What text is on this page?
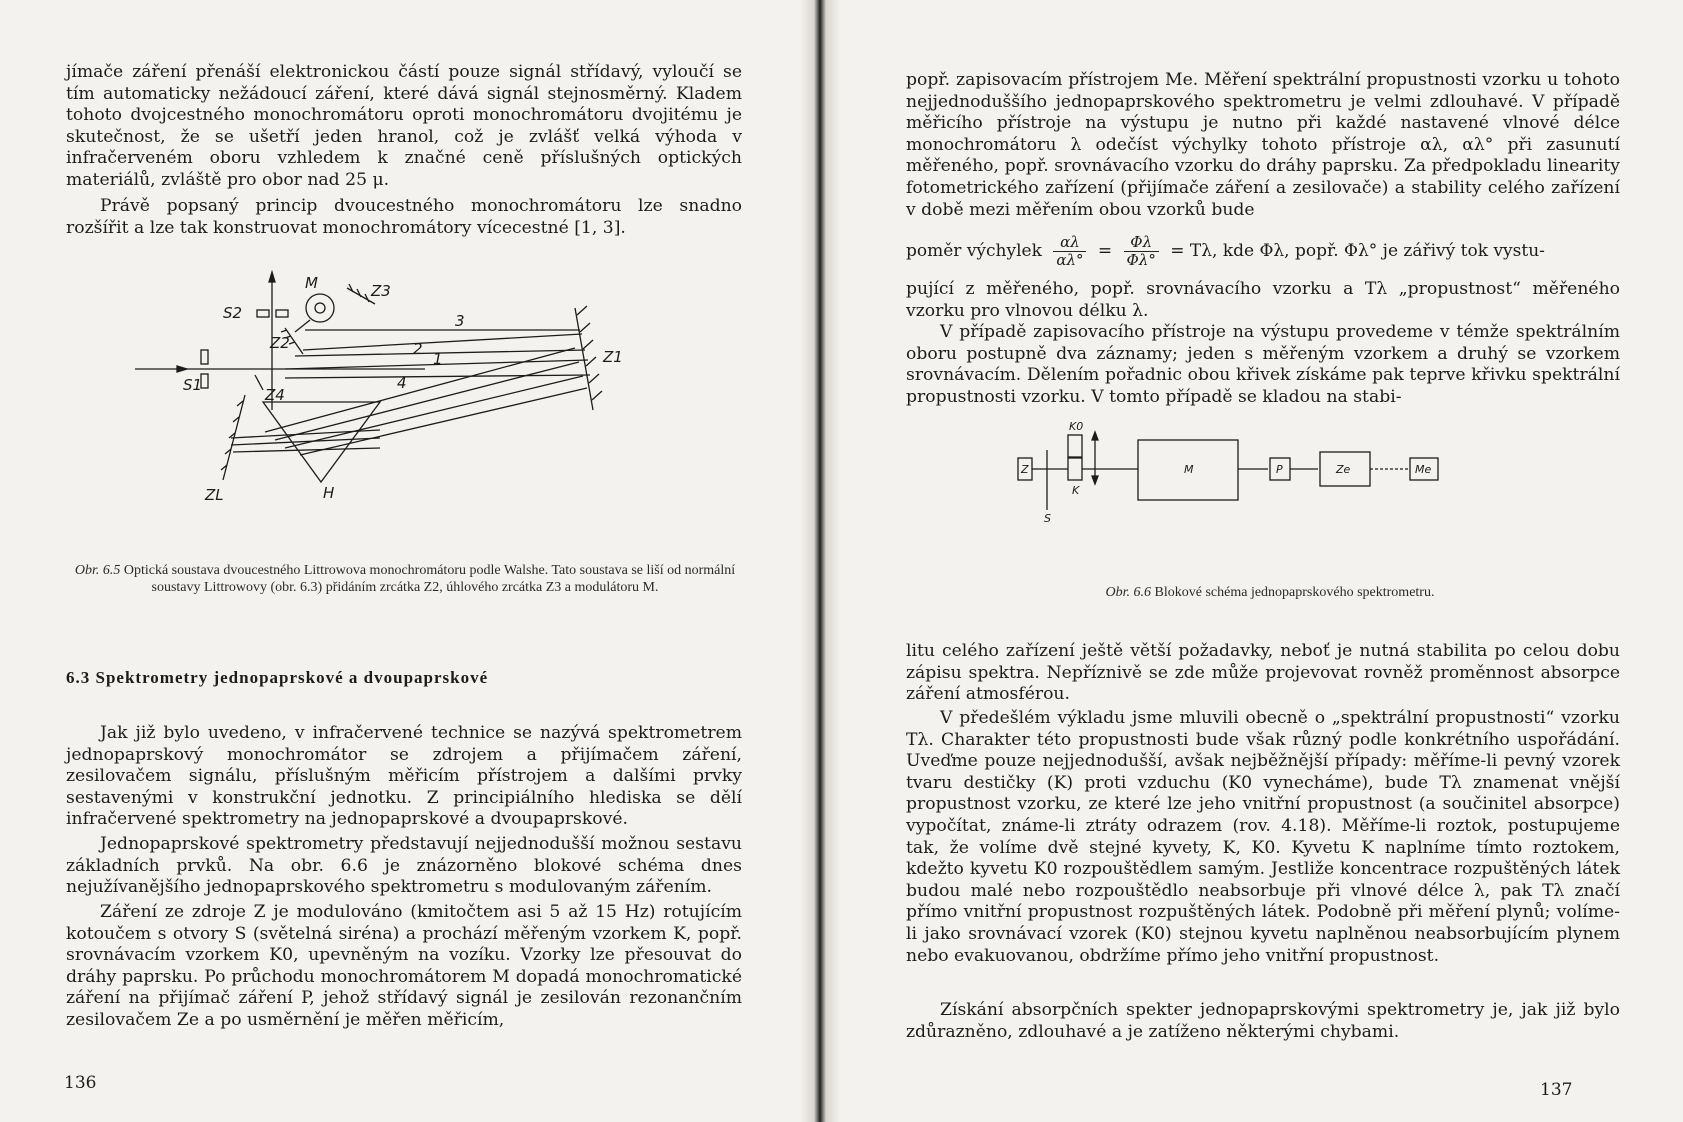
jímače záření přenáší elektronickou částí pouze signál střídavý, vyloučí se tím automaticky nežádoucí záření, které dává signál stejnosměrný. Kladem tohoto dvojcestného monochromátoru oproti monochromátoru dvojitému je skutečnost, že se ušetří jeden hranol, což je zvlášť velká výhoda v infračerveném oboru vzhledem k značné ceně příslušných optických materiálů, zvláště pro obor nad 25 μ.

Právě popsaný princip dvoucestného monochromátoru lze snadno rozšířit a lze tak konstruovat monochromátory vícecestné [1, 3].

M	Z3
S2
Z2
Z1
S1
Z4
ZL	H
1
2
3
4

Obr. 6.5 Optická soustava dvoucestného Littrowova monochromátoru podle Walshe. Tato soustava se liší od normální soustavy Littrowovy (obr. 6.3) přidáním zrcátka Z2, úhlového zrcátka Z3 a modulátoru M.

6.3 Spektrometry jednopaprskové a dvoupaprskové

Jak již bylo uvedeno, v infračervené technice se nazývá spektrometrem jednopaprskový monochromátor se zdrojem a přijímačem záření, zesilovačem signálu, příslušným měřicím přístrojem a dalšími prvky sestavenými v konstrukční jednotku. Z principiálního hlediska se dělí infračervené spektrometry na jednopaprskové a dvoupaprskové.

Jednopaprskové spektrometry představují nejjednodušší možnou sestavu základních prvků. Na obr. 6.6 je znázorněno blokové schéma dnes nejužívanějšího jednopaprskového spektrometru s modulovaným zářením.

Záření ze zdroje Z je modulováno (kmitočtem asi 5 až 15 Hz) rotujícím kotoučem s otvory S (světelná siréna) a prochází měřeným vzorkem K, popř. srovnávacím vzorkem K0, upevněným na vozíku. Vzorky lze přesouvat do dráhy paprsku. Po průchodu monochromátorem M dopadá monochromatické záření na přijímač záření P, jehož střídavý signál je zesilován rezonančním zesilovačem Ze a po usměrnění je měřen měřicím,

136

popř. zapisovacím přístrojem Me. Měření spektrální propustnosti vzorku u tohoto nejjednoduššího jednopaprskového spektrometru je velmi zdlouhavé. V případě měřicího přístroje na výstupu je nutno při každé nastavené vlnové délce monochromátoru λ odečíst výchylky tohoto přístroje αλ, αλ° při zasunutí měřeného, popř. srovnávacího vzorku do dráhy paprsku. Za předpokladu linearity fotometrického zařízení (přijímače záření a zesilovače) a stability celého zařízení v době mezi měřením obou vzorků bude

poměr výchylek $\frac{\alpha\lambda}{\alpha\lambda^\circ} = \frac{\Phi\lambda}{\Phi\lambda^\circ} = T\lambda$, kde Φλ, popř. Φλ° je zářivý tok vystu-

pující z měřeného, popř. srovnávacího vzorku a Tλ „propustnost“ měřeného vzorku pro vlnovou délku λ.

V případě zapisovacího přístroje na výstupu provedeme v témže spektrálním oboru postupně dva záznamy; jeden s měřeným vzorkem a druhý se vzorkem srovnávacím. Dělením pořadnic obou křivek získáme pak teprve křivku spektrální propustnosti vzorku. V tomto případě se kladou na stabi-

Z
K0
K
S
M	P	Ze	Me

Obr. 6.6 Blokové schéma jednopaprskového spektrometru.

litu celého zařízení ještě větší požadavky, neboť je nutná stabilita po celou dobu zápisu spektra. Nepříznivě se zde může projevovat rovněž proměnnost absorpce záření atmosférou.

V předešlém výkladu jsme mluvili obecně o „spektrální propustnosti“ vzorku Tλ. Charakter této propustnosti bude však různý podle konkrétního uspořádání. Uveďme pouze nejjednodušší, avšak nejběžnější případy: měříme-li pevný vzorek tvaru destičky (K) proti vzduchu (K0 vynecháme), bude Tλ znamenat vnější propustnost vzorku, ze které lze jeho vnitřní propustnost (a součinitel absorpce) vypočítat, známe-li ztráty odrazem (rov. 4.18). Měříme-li roztok, postupujeme tak, že volíme dvě stejné kyvety, K, K0. Kyvetu K naplníme tímto roztokem, kdežto kyvetu K0 rozpouštědlem samým. Jestliže koncentrace rozpuštěných látek budou malé nebo rozpouštědlo neabsorbuje při vlnové délce λ, pak Tλ značí přímo vnitřní propustnost rozpuštěných látek. Podobně při měření plynů; volíme-li jako srovnávací vzorek (K0) stejnou kyvetu naplněnou neabsorbujícím plynem nebo evakuovanou, obdržíme přímo jeho vnitřní propustnost.

Získání absorpčních spekter jednopaprskovými spektrometry je, jak již bylo zdůrazněno, zdlouhavé a je zatíženo některými chybami.

137
